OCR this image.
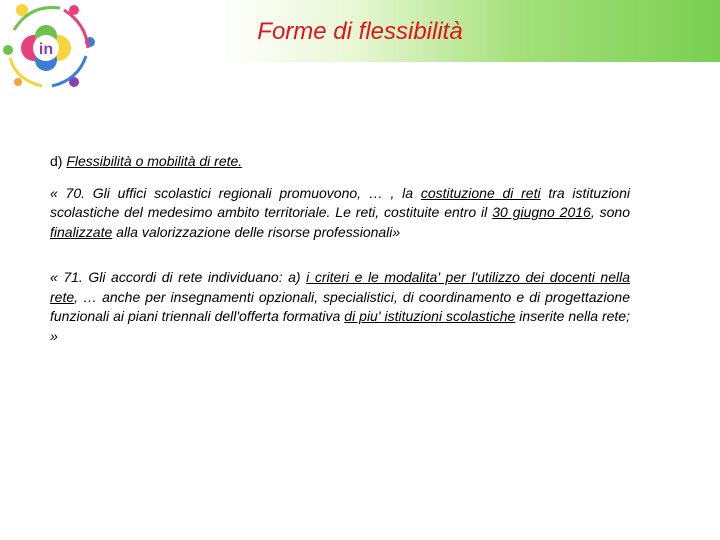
in
Forme di flessibilità

d) Flessibilità o mobilità di rete.

« 70. Gli uffici scolastici regionali promuovono, … , la costituzione di reti tra istituzioni scolastiche del medesimo ambito territoriale. Le reti, costituite entro il 30 giugno 2016, sono finalizzate alla valorizzazione delle risorse professionali»

« 71. Gli accordi di rete individuano: a) i criteri e le modalita' per l'utilizzo dei docenti nella rete, … anche per insegnamenti opzionali, specialistici, di coordinamento e di progettazione funzionali ai piani triennali dell'offerta formativa di piu' istituzioni scolastiche inserite nella rete; »
